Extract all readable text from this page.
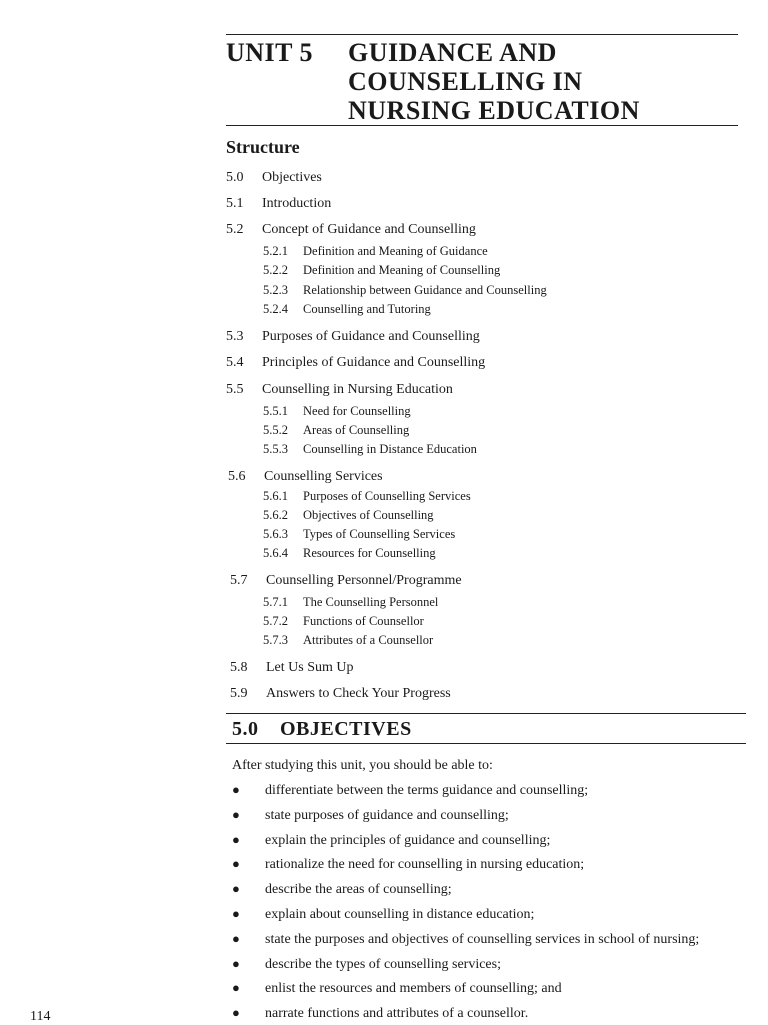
UNIT 5 GUIDANCE AND
COUNSELLING IN
NURSING EDUCATION
Structure
5.0 Objectives
5.1 Introduction
5.2 Concept of Guidance and Counselling
5.2.1 Definition and Meaning of Guidance
5.2.2 Definition and Meaning of Counselling
5.2.3 Relationship between Guidance and Counselling
5.2.4 Counselling and Tutoring
5.3 Purposes of Guidance and Counselling
5.4 Principles of Guidance and Counselling
5.5 Counselling in Nursing Education
5.5.1 Need for Counselling
5.5.2 Areas of Counselling
5.5.3 Counselling in Distance Education
5.6 Counselling Services
5.6.1 Purposes of Counselling Services
5.6.2 Objectives of Counselling
5.6.3 Types of Counselling Services
5.6.4 Resources for Counselling
5.7 Counselling Personnel/Programme
5.7.1 The Counselling Personnel
5.7.2 Functions of Counsellor
5.7.3 Attributes of a Counsellor
5.8 Let Us Sum Up
5.9 Answers to Check Your Progress
5.0 OBJECTIVES
After studying this unit, you should be able to:
● differentiate between the terms guidance and counselling;
● state purposes of guidance and counselling;
● explain the principles of guidance and counselling;
● rationalize the need for counselling in nursing education;
● describe the areas of counselling;
● explain about counselling in distance education;
● state the purposes and objectives of counselling services in school of nursing;
● describe the types of counselling services;
● enlist the resources and members of counselling; and
● narrate functions and attributes of a counsellor.
114
